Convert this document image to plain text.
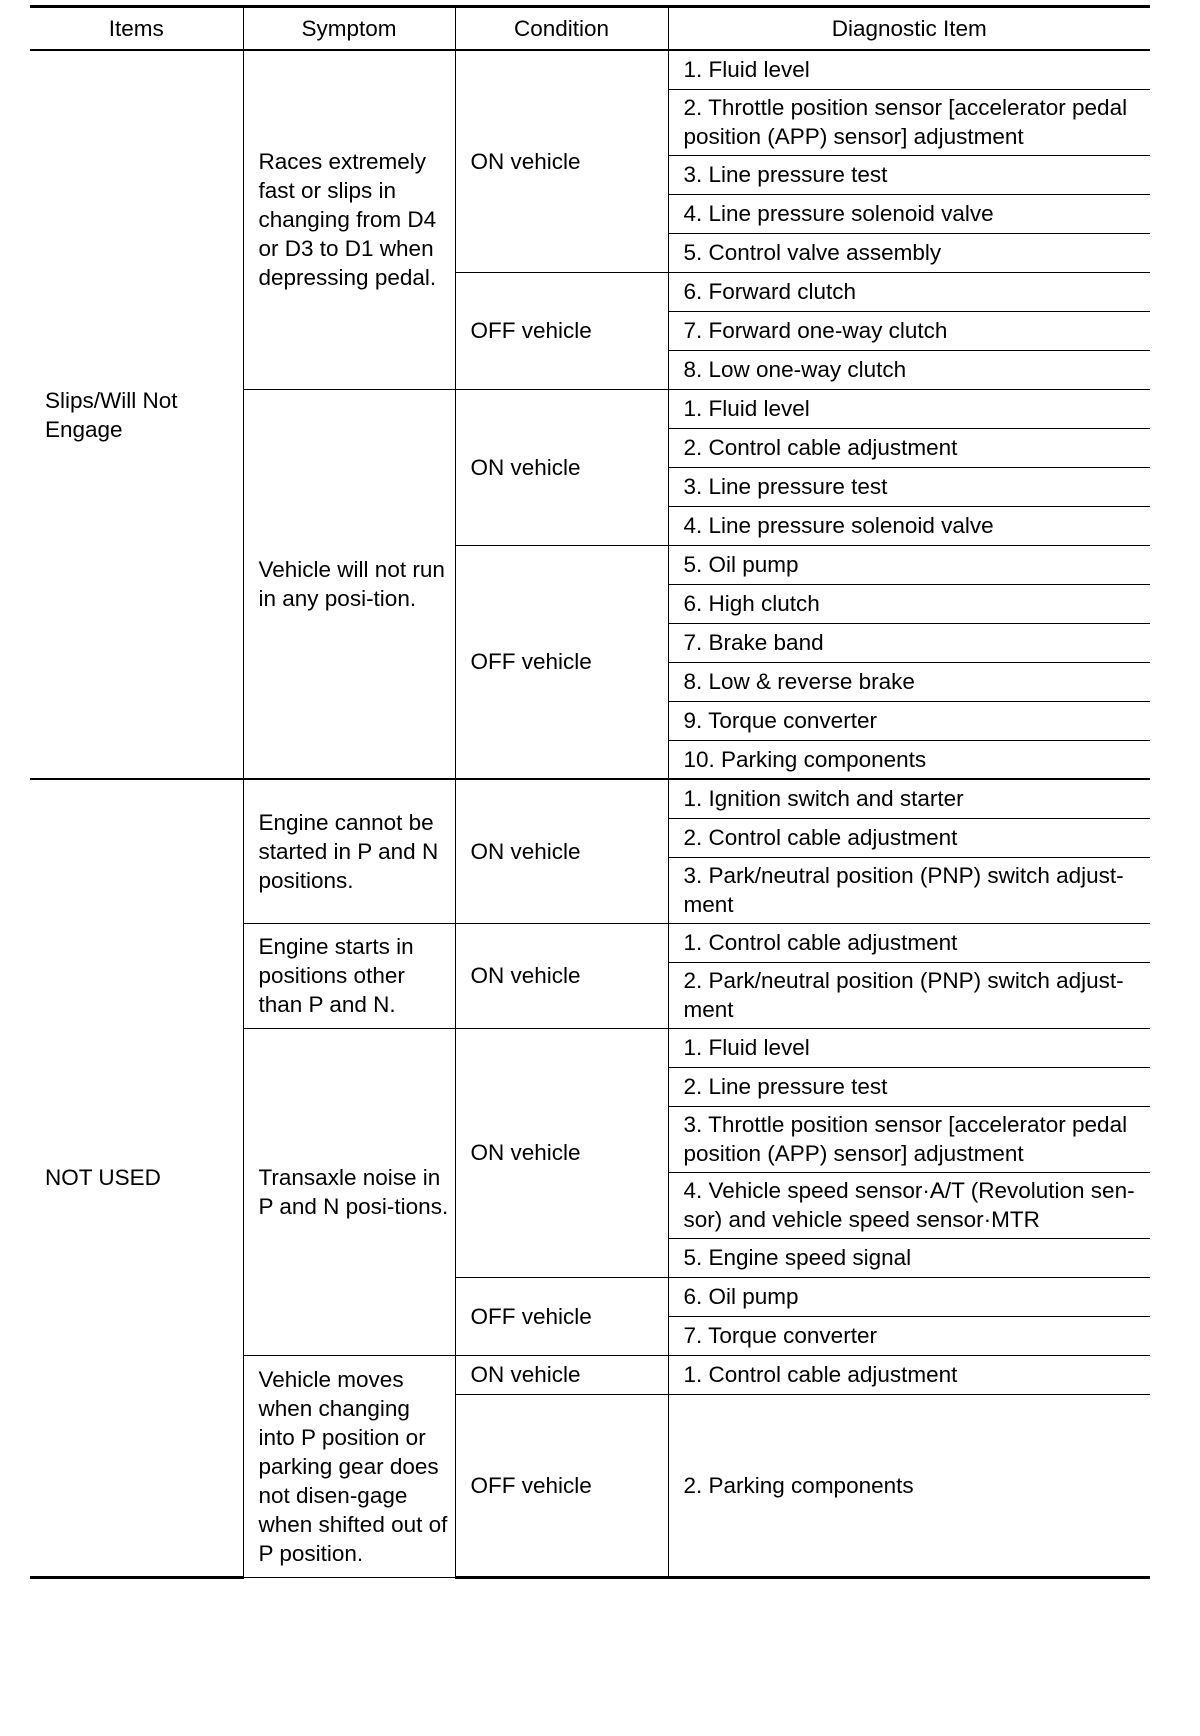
Items	Symptom	Condition	Diagnostic Item
Slips/Will Not Engage	Races extremely fast or slips in changing from D4 or D3 to D1 when depressing pedal.	ON vehicle	1. Fluid level
			2. Throttle position sensor [accelerator pedal position (APP) sensor] adjustment
			3. Line pressure test
			4. Line pressure solenoid valve
			5. Control valve assembly
		OFF vehicle	6. Forward clutch
			7. Forward one-way clutch
			8. Low one-way clutch
	Vehicle will not run in any posi-tion.	ON vehicle	1. Fluid level
			2. Control cable adjustment
			3. Line pressure test
			4. Line pressure solenoid valve
		OFF vehicle	5. Oil pump
			6. High clutch
			7. Brake band
			8. Low & reverse brake
			9. Torque converter
			10. Parking components
NOT USED	Engine cannot be started in P and N positions.	ON vehicle	1. Ignition switch and starter
			2. Control cable adjustment
			3. Park/neutral position (PNP) switch adjust-ment
	Engine starts in positions other than P and N.	ON vehicle	1. Control cable adjustment
			2. Park/neutral position (PNP) switch adjust-ment
	Transaxle noise in P and N posi-tions.	ON vehicle	1. Fluid level
			2. Line pressure test
			3. Throttle position sensor [accelerator pedal position (APP) sensor] adjustment
			4. Vehicle speed sensor·A/T (Revolution sen-sor) and vehicle speed sensor·MTR
			5. Engine speed signal
		OFF vehicle	6. Oil pump
			7. Torque converter
	Vehicle moves when changing into P position or parking gear does not disen-gage when shifted out of P position.	ON vehicle	1. Control cable adjustment
		OFF vehicle	2. Parking components
